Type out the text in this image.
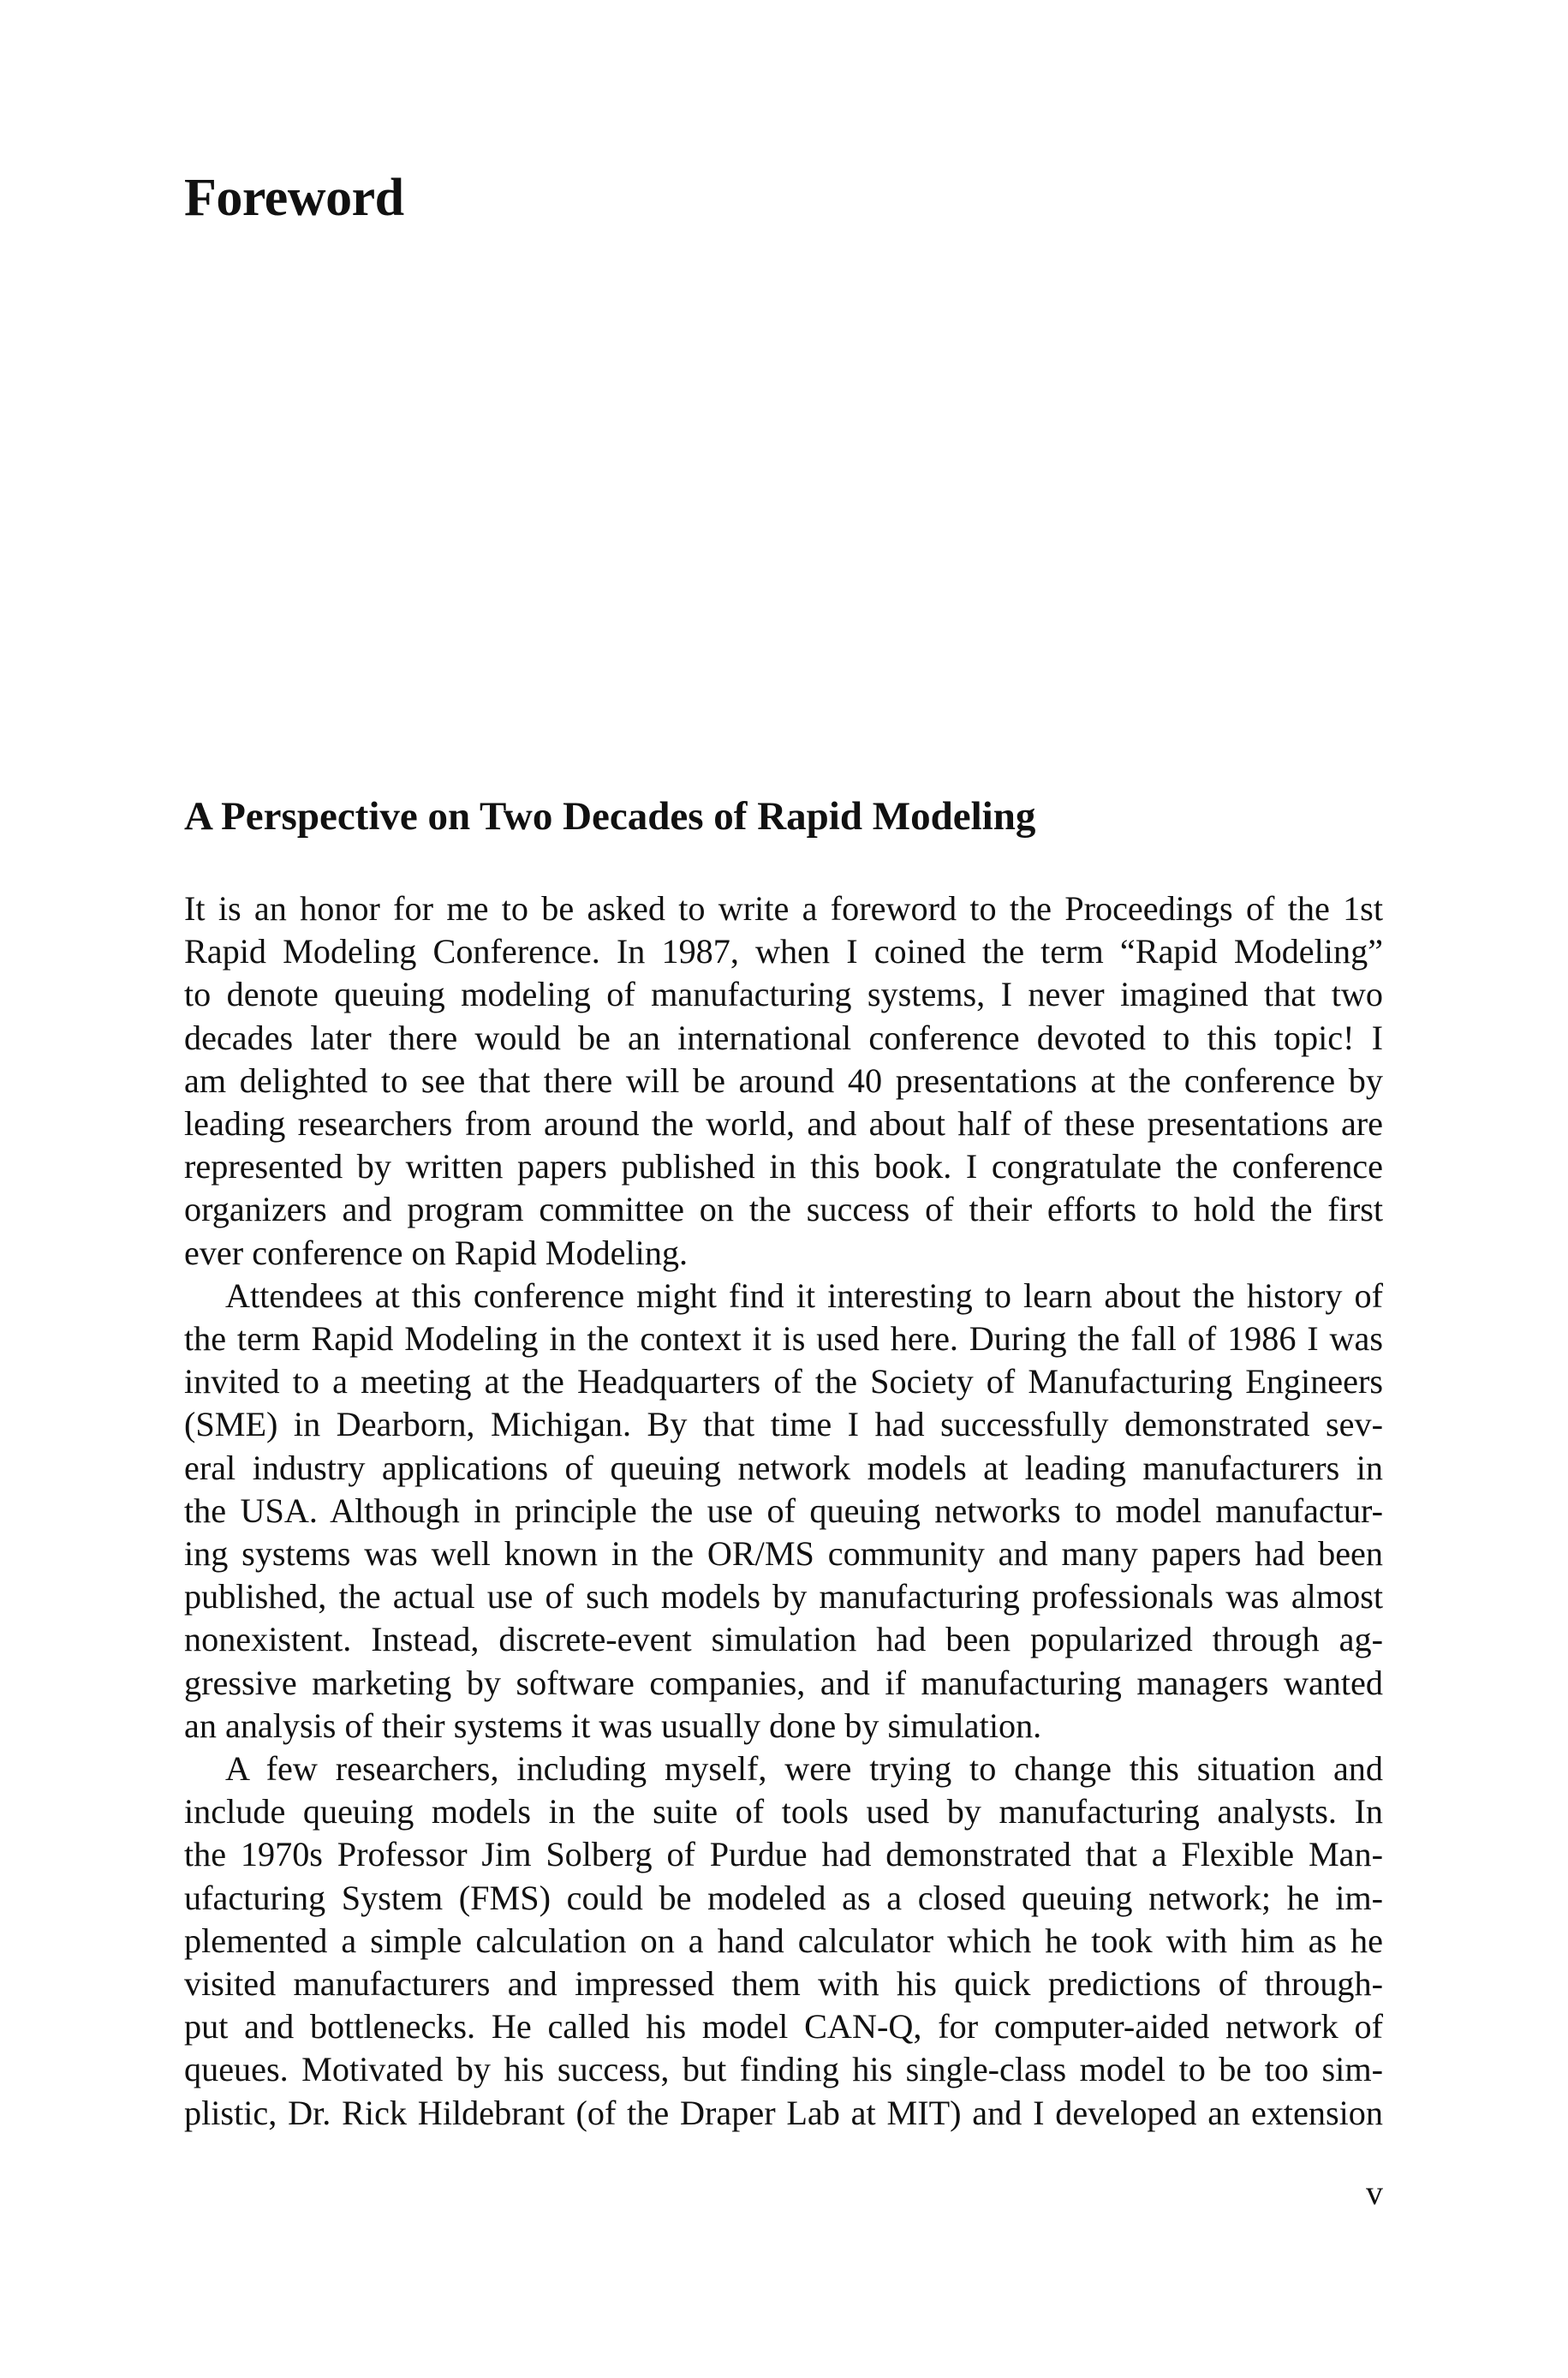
Foreword
A Perspective on Two Decades of Rapid Modeling

It is an honor for me to be asked to write a foreword to the Proceedings of the 1st
Rapid Modeling Conference. In 1987, when I coined the term “Rapid Modeling”
to denote queuing modeling of manufacturing systems, I never imagined that two
decades later there would be an international conference devoted to this topic! I
am delighted to see that there will be around 40 presentations at the conference by
leading researchers from around the world, and about half of these presentations are
represented by written papers published in this book. I congratulate the conference
organizers and program committee on the success of their efforts to hold the first
ever conference on Rapid Modeling.

Attendees at this conference might find it interesting to learn about the history of
the term Rapid Modeling in the context it is used here. During the fall of 1986 I was
invited to a meeting at the Headquarters of the Society of Manufacturing Engineers
(SME) in Dearborn, Michigan. By that time I had successfully demonstrated sev-
eral industry applications of queuing network models at leading manufacturers in
the USA. Although in principle the use of queuing networks to model manufactur-
ing systems was well known in the OR/MS community and many papers had been
published, the actual use of such models by manufacturing professionals was almost
nonexistent. Instead, discrete-event simulation had been popularized through ag-
gressive marketing by software companies, and if manufacturing managers wanted
an analysis of their systems it was usually done by simulation.

A few researchers, including myself, were trying to change this situation and
include queuing models in the suite of tools used by manufacturing analysts. In
the 1970s Professor Jim Solberg of Purdue had demonstrated that a Flexible Man-
ufacturing System (FMS) could be modeled as a closed queuing network; he im-
plemented a simple calculation on a hand calculator which he took with him as he
visited manufacturers and impressed them with his quick predictions of through-
put and bottlenecks. He called his model CAN-Q, for computer-aided network of
queues. Motivated by his success, but finding his single-class model to be too sim-
plistic, Dr. Rick Hildebrant (of the Draper Lab at MIT) and I developed an extension

v
